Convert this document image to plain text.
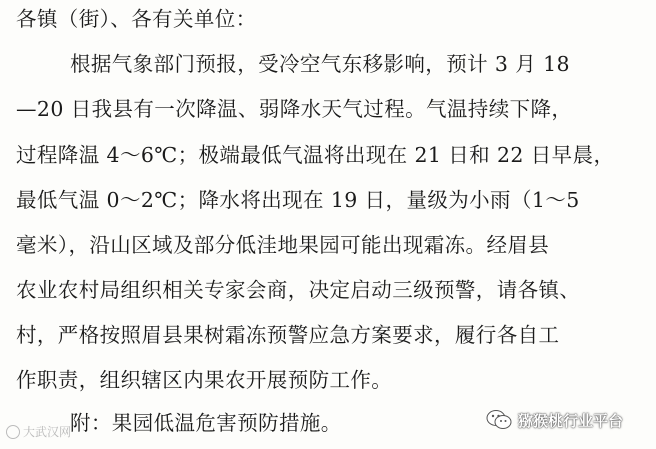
各镇（街）、各有关单位：
根据气象部门预报，受冷空气东移影响，预计 3 月 18
—20 日我县有一次降温、弱降水天气过程。气温持续下降，
过程降温 4～6℃；极端最低气温将出现在 21 日和 22 日早晨，
最低气温 0～2℃；降水将出现在 19 日，量级为小雨（1～5
毫米），沿山区域及部分低洼地果园可能出现霜冻。经眉县
农业农村局组织相关专家会商，决定启动三级预警，请各镇、
村，严格按照眉县果树霜冻预警应急方案要求，履行各自工
作职责，组织辖区内果农开展预防工作。
附：果园低温危害预防措施。
大武汉网
猕猴桃行业平台
